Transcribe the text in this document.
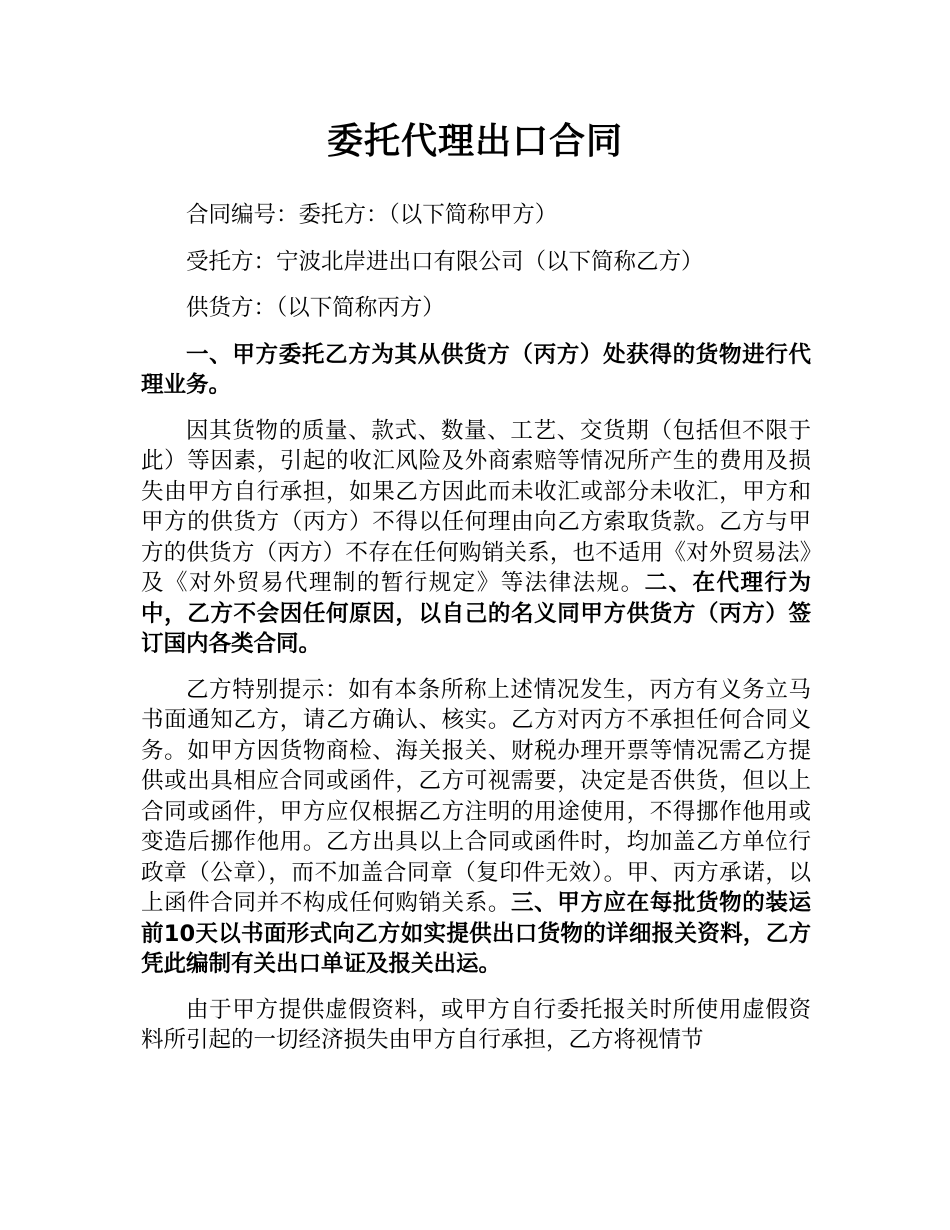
委托代理出口合同

合同编号：委托方：（以下简称甲方）

受托方：宁波北岸进出口有限公司（以下简称乙方）

供货方：（以下简称丙方）

一、甲方委托乙方为其从供货方（丙方）处获得的货物进行代理业务。

因其货物的质量、款式、数量、工艺、交货期（包括但不限于此）等因素，引起的收汇风险及外商索赔等情况所产生的费用及损失由甲方自行承担，如果乙方因此而未收汇或部分未收汇，甲方和甲方的供货方（丙方）不得以任何理由向乙方索取货款。乙方与甲方的供货方（丙方）不存在任何购销关系，也不适用《对外贸易法》及《对外贸易代理制的暂行规定》等法律法规。二、在代理行为中，乙方不会因任何原因，以自己的名义同甲方供货方（丙方）签订国内各类合同。

乙方特别提示：如有本条所称上述情况发生，丙方有义务立马书面通知乙方，请乙方确认、核实。乙方对丙方不承担任何合同义务。如甲方因货物商检、海关报关、财税办理开票等情况需乙方提供或出具相应合同或函件，乙方可视需要，决定是否供货，但以上合同或函件，甲方应仅根据乙方注明的用途使用，不得挪作他用或变造后挪作他用。乙方出具以上合同或函件时，均加盖乙方单位行政章（公章），而不加盖合同章（复印件无效）。甲、丙方承诺，以上函件合同并不构成任何购销关系。三、甲方应在每批货物的装运前10天以书面形式向乙方如实提供出口货物的详细报关资料，乙方凭此编制有关出口单证及报关出运。

由于甲方提供虚假资料，或甲方自行委托报关时所使用虚假资料所引起的一切经济损失由甲方自行承担，乙方将视情节
